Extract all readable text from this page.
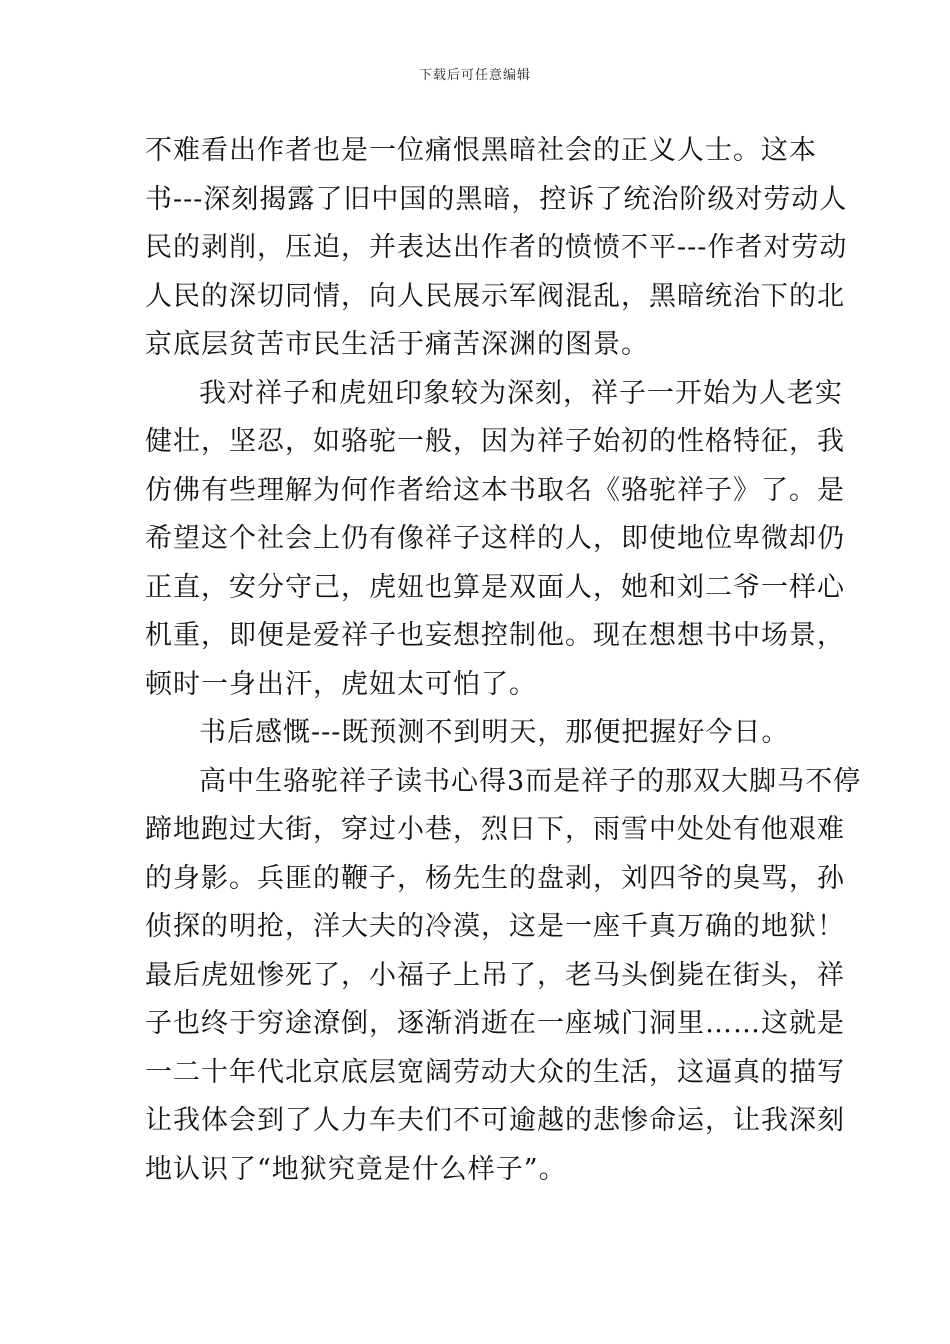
下载后可任意编辑
不难看出作者也是一位痛恨黑暗社会的正义人士。这本
书---深刻揭露了旧中国的黑暗，控诉了统治阶级对劳动人
民的剥削，压迫，并表达出作者的愤愤不平---作者对劳动
人民的深切同情，向人民展示军阀混乱，黑暗统治下的北
京底层贫苦市民生活于痛苦深渊的图景。
我对祥子和虎妞印象较为深刻，祥子一开始为人老实
健壮，坚忍，如骆驼一般，因为祥子始初的性格特征，我
仿佛有些理解为何作者给这本书取名《骆驼祥子》了。是
希望这个社会上仍有像祥子这样的人，即使地位卑微却仍
正直，安分守己，虎妞也算是双面人，她和刘二爷一样心
机重，即便是爱祥子也妄想控制他。现在想想书中场景，
顿时一身出汗，虎妞太可怕了。
书后感慨---既预测不到明天，那便把握好今日。
高中生骆驼祥子读书心得3而是祥子的那双大脚马不停
蹄地跑过大街，穿过小巷，烈日下，雨雪中处处有他艰难
的身影。兵匪的鞭子，杨先生的盘剥，刘四爷的臭骂，孙
侦探的明抢，洋大夫的冷漠，这是一座千真万确的地狱！
最后虎妞惨死了，小福子上吊了，老马头倒毙在街头，祥
子也终于穷途潦倒，逐渐消逝在一座城门洞里……这就是
一二十年代北京底层宽阔劳动大众的生活，这逼真的描写
让我体会到了人力车夫们不可逾越的悲惨命运，让我深刻
地认识了“地狱究竟是什么样子”。
